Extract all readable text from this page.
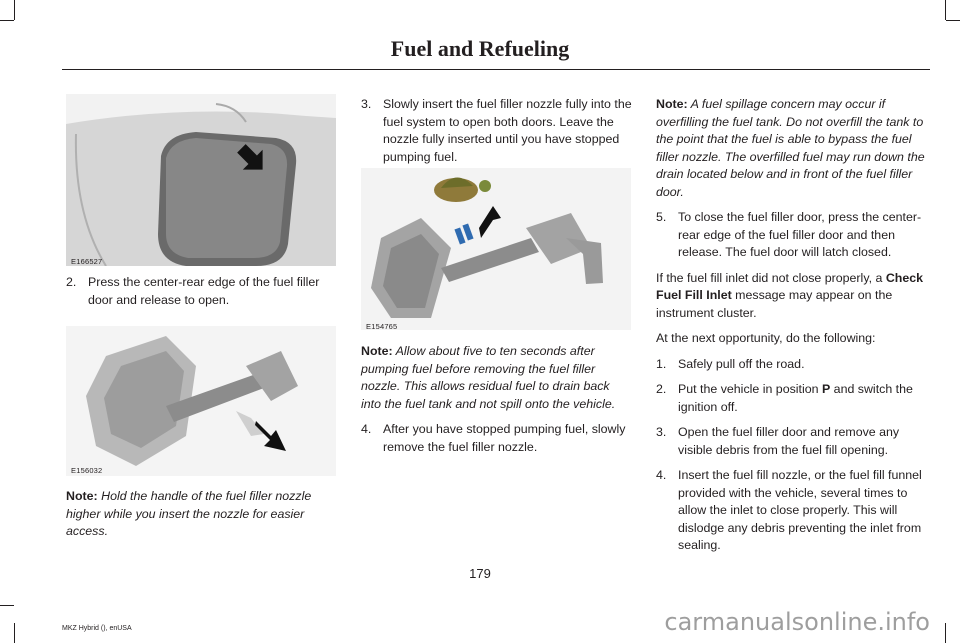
Fuel and Refueling
E166527
2. Press the center-rear edge of the fuel filler door and release to open.
E156032

Note: Hold the handle of the fuel filler nozzle higher while you insert the nozzle for easier access.

3. Slowly insert the fuel filler nozzle fully into the fuel system to open both doors. Leave the nozzle fully inserted until you have stopped pumping fuel.
E154765

Note: Allow about five to ten seconds after pumping fuel before removing the fuel filler nozzle. This allows residual fuel to drain back into the fuel tank and not spill onto the vehicle.

4. After you have stopped pumping fuel, slowly remove the fuel filler nozzle.

Note: A fuel spillage concern may occur if overfilling the fuel tank. Do not overfill the tank to the point that the fuel is able to bypass the fuel filler nozzle. The overfilled fuel may run down the drain located below and in front of the fuel filler door.

5. To close the fuel filler door, press the center-rear edge of the fuel filler door and then release. The fuel door will latch closed.

If the fuel fill inlet did not close properly, a Check Fuel Fill Inlet message may appear on the instrument cluster.

At the next opportunity, do the following:

1. Safely pull off the road.
2. Put the vehicle in position P and switch the ignition off.
3. Open the fuel filler door and remove any visible debris from the fuel fill opening.
4. Insert the fuel fill nozzle, or the fuel fill funnel provided with the vehicle, several times to allow the inlet to close properly. This will dislodge any debris preventing the inlet from sealing.
179
MKZ Hybrid (), enUSA	carmanualsonline.info
